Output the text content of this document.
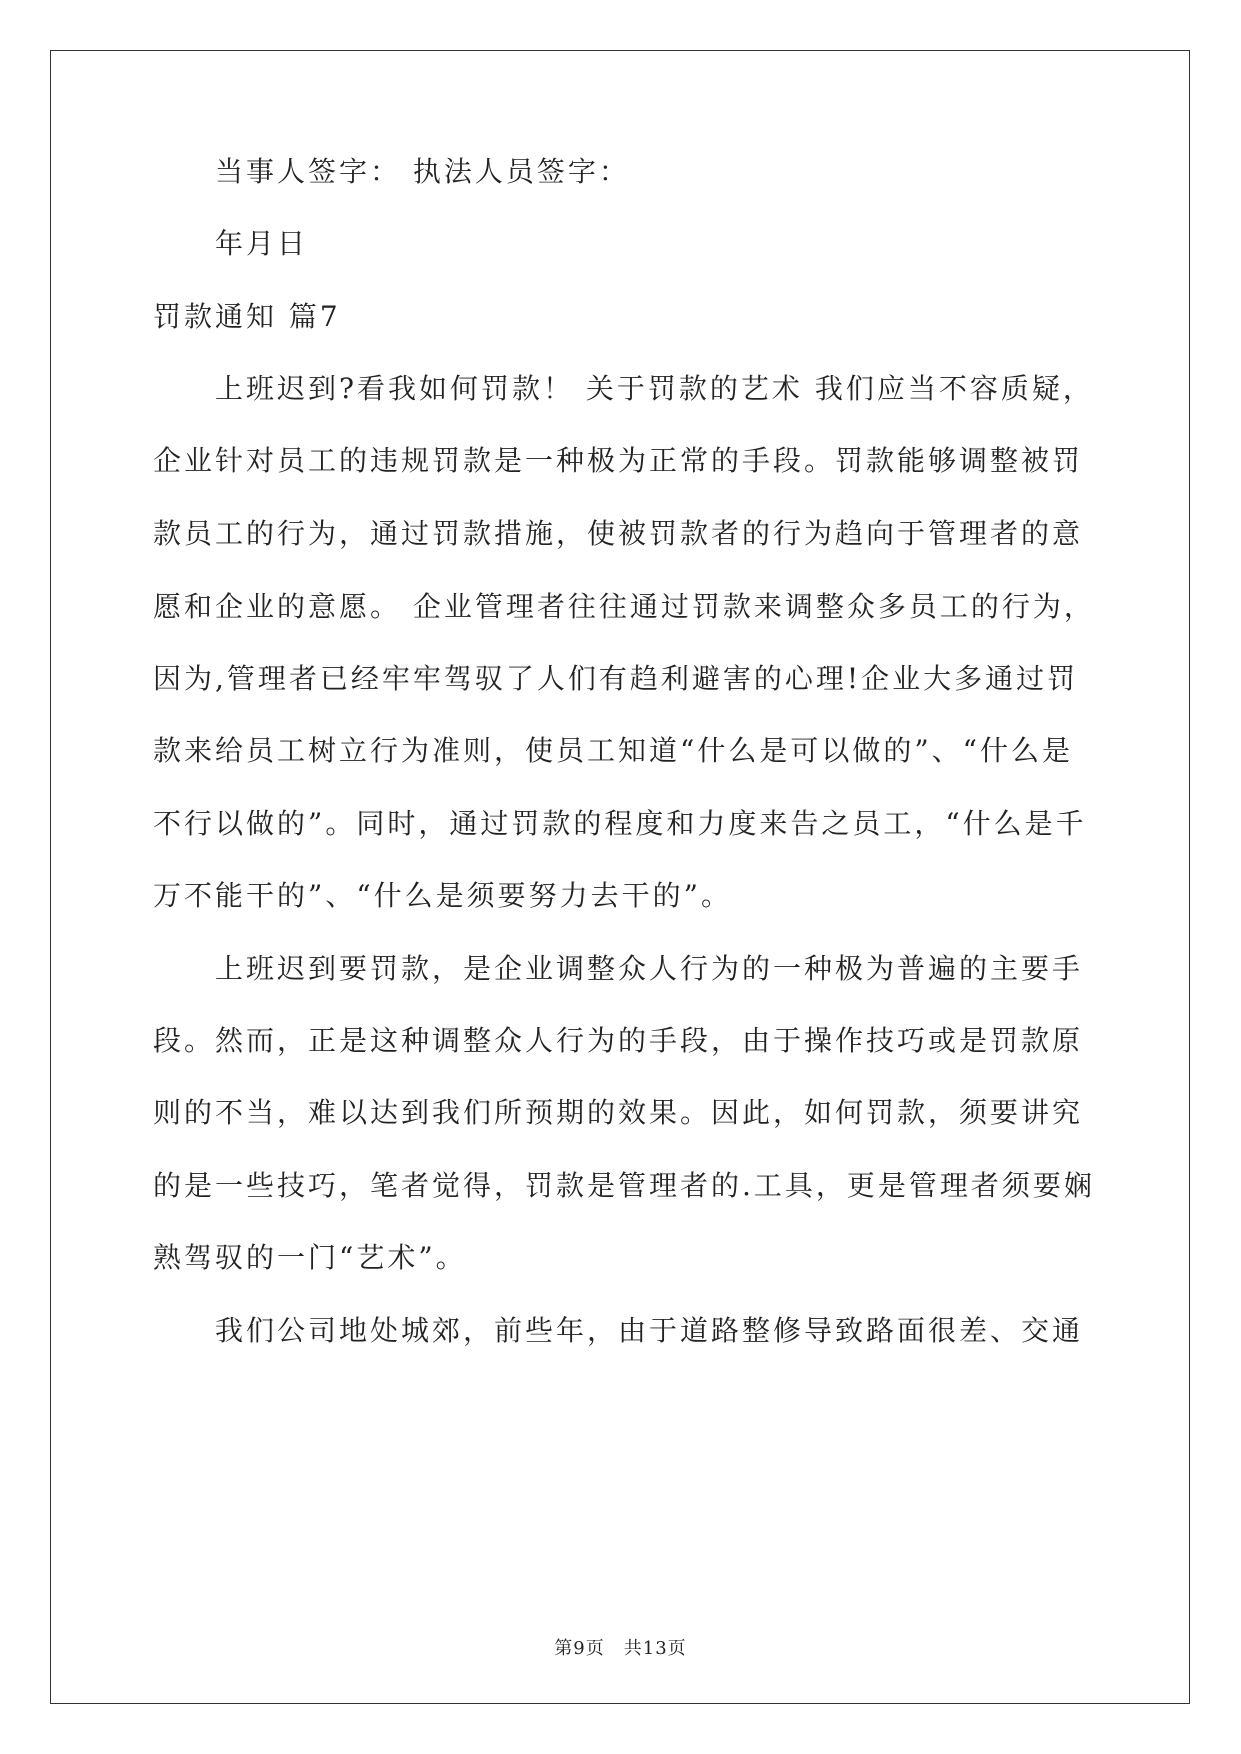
当事人签字： 执法人员签字：
年月日
罚款通知 篇7
上班迟到?看我如何罚款！ 关于罚款的艺术 我们应当不容质疑，
企业针对员工的违规罚款是一种极为正常的手段。罚款能够调整被罚
款员工的行为，通过罚款措施，使被罚款者的行为趋向于管理者的意
愿和企业的意愿。 企业管理者往往通过罚款来调整众多员工的行为，
因为,管理者已经牢牢驾驭了人们有趋利避害的心理!企业大多通过罚
款来给员工树立行为准则，使员工知道“什么是可以做的”、“什么是
不行以做的”。同时，通过罚款的程度和力度来告之员工，“什么是千
万不能干的”、“什么是须要努力去干的”。
上班迟到要罚款，是企业调整众人行为的一种极为普遍的主要手
段。然而，正是这种调整众人行为的手段，由于操作技巧或是罚款原
则的不当，难以达到我们所预期的效果。因此，如何罚款，须要讲究
的是一些技巧，笔者觉得，罚款是管理者的.工具，更是管理者须要娴
熟驾驭的一门“艺术”。
我们公司地处城郊，前些年，由于道路整修导致路面很差、交通
第9页　共13页
